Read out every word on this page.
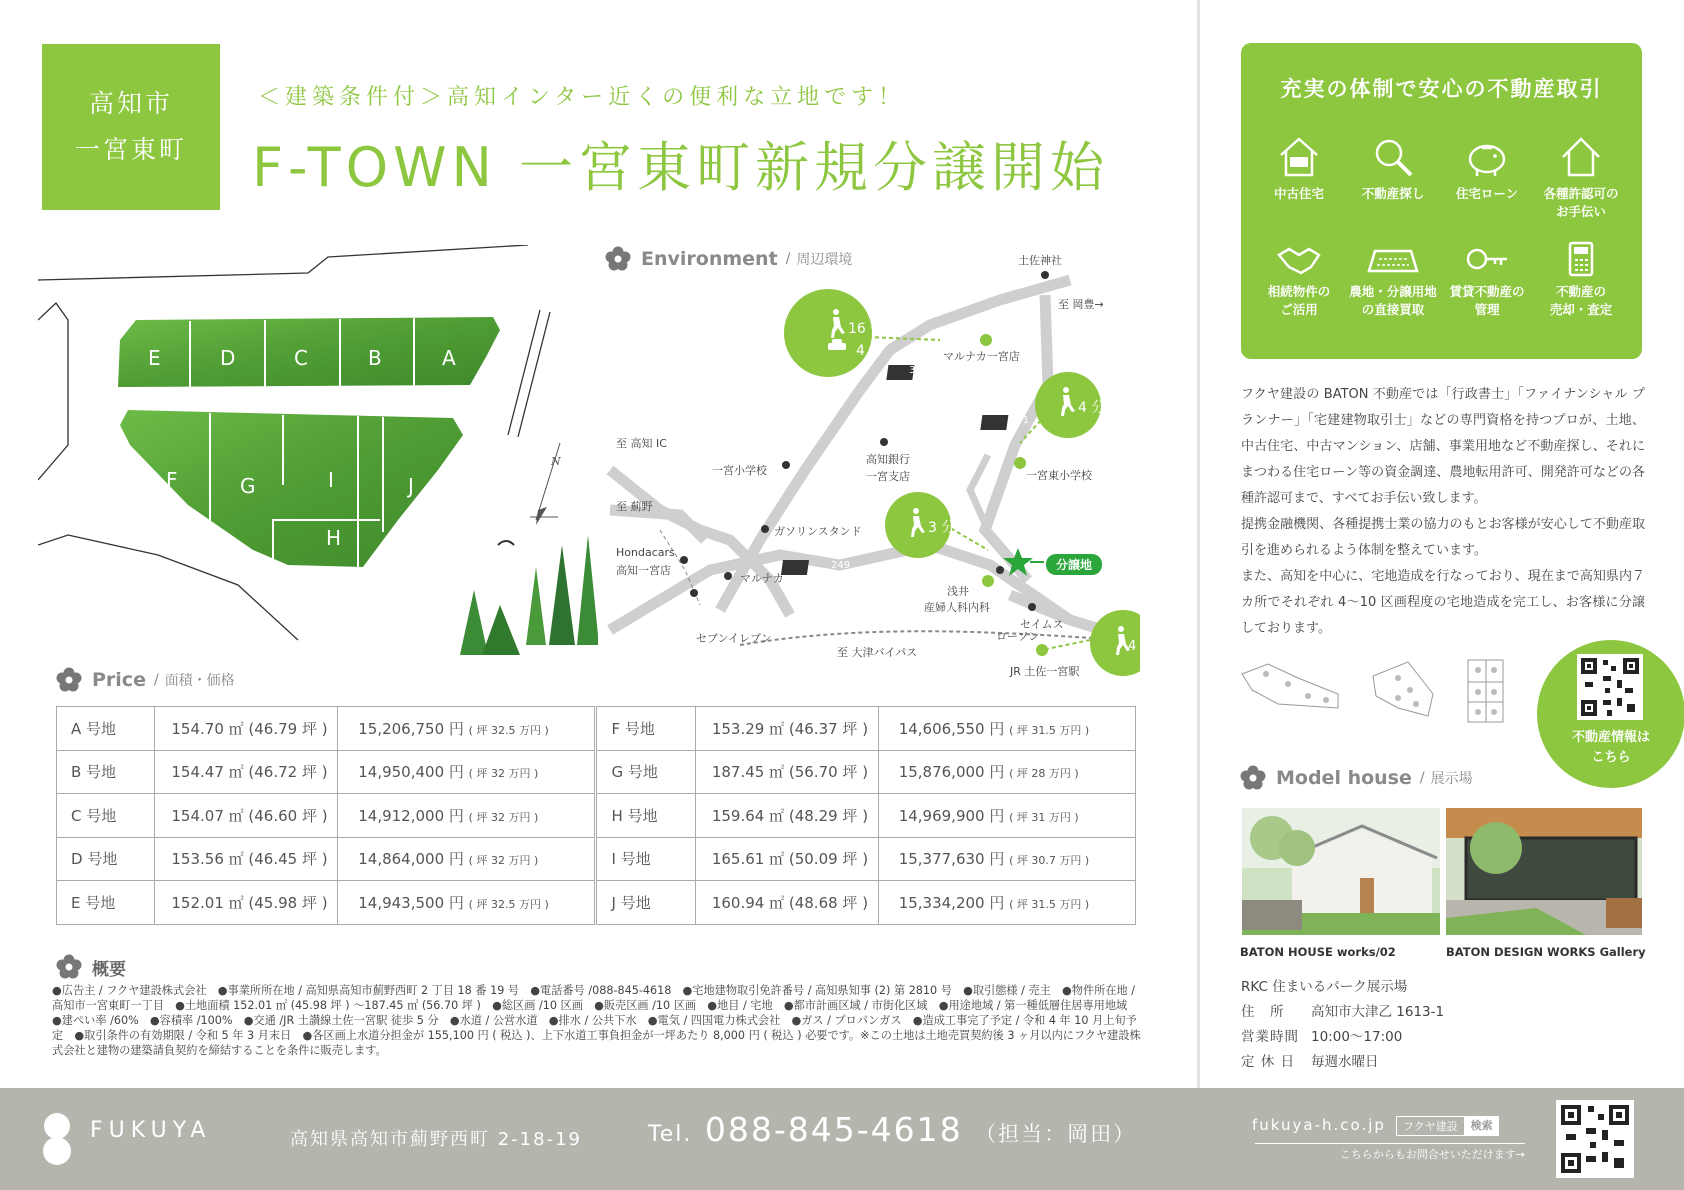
高知市
一宮東町
＜建築条件付＞高知インター近くの便利な立地です！
F-TOWN 一宮東町新規分譲開始
E	D	C	B	A
F	G
H
I	J
N
Environment / 周辺環境
384
251
249
土佐神社
至 岡豊→
マルナカ一宮店
至 高知 IC
一宮小学校
高知銀行
一宮支店	一宮東小学校
至 薊野
ガソリンスタンド
Hondacars
高知一宮店
マルナカ
分譲地
浅井
産婦人科内科
セイムス
ローソン
セブンイレブン
至 大津バイパス
JR 土佐一宮駅
16 分
4 分
4 分
3 分
4 分
Price / 面積・価格
A 号地	154.70 ㎡ (46.79 坪 )	15,206,750 円 ( 坪 32.5 万円 )		F 号地	153.29 ㎡ (46.37 坪 )	14,606,550 円 ( 坪 31.5 万円 )
B 号地	154.47 ㎡ (46.72 坪 )	14,950,400 円 ( 坪 32 万円 )		G 号地	187.45 ㎡ (56.70 坪 )	15,876,000 円 ( 坪 28 万円 )
C 号地	154.07 ㎡ (46.60 坪 )	14,912,000 円 ( 坪 32 万円 )		H 号地	159.64 ㎡ (48.29 坪 )	14,969,900 円 ( 坪 31 万円 )
D 号地	153.56 ㎡ (46.45 坪 )	14,864,000 円 ( 坪 32 万円 )		I 号地	165.61 ㎡ (50.09 坪 )	15,377,630 円 ( 坪 30.7 万円 )
E 号地	152.01 ㎡ (45.98 坪 )	14,943,500 円 ( 坪 32.5 万円 )		J 号地	160.94 ㎡ (48.68 坪 )	15,334,200 円 ( 坪 31.5 万円 )
概要
●広告主 / フクヤ建設株式会社　●事業所所在地 / 高知県高知市薊野西町 2 丁目 18 番 19 号　●電話番号 /088-845-4618　●宅地建物取引免許番号 / 高知県知事 (2) 第 2810 号　●取引態様 / 売主　●物件所在地 / 高知市一宮東町一丁目　●土地面積 152.01 ㎡ (45.98 坪 ) ～187.45 ㎡ (56.70 坪 )　●総区画 /10 区画　●販売区画 /10 区画　●地目 / 宅地　●都市計画区域 / 市街化区域　●用途地域 / 第一種低層住居専用地域　●建ぺい率 /60%　●容積率 /100%　●交通 /JR 土讃線土佐一宮駅 徒歩 5 分　●水道 / 公営水道　●排水 / 公共下水　●電気 / 四国電力株式会社　●ガス / プロパンガス　●造成工事完了予定 / 令和 4 年 10 月上旬予定　●取引条件の有効期限 / 令和 5 年 3 月末日　●各区画上水道分担金が 155,100 円 ( 税込 )、上下水道工事負担金が一坪あたり 8,000 円 ( 税込 ) 必要です。※この土地は土地売買契約後 3 ヶ月以内にフクヤ建設株式会社と建物の建築請負契約を締結することを条件に販売します。
充実の体制で安心の不動産取引
中古住宅	不動産探し	住宅ローン	各種許認可の
お手伝い
相続物件の
ご活用
農地・分譲用地
の直接買取
賃貸不動産の
管理
不動産の
売却・査定

フクヤ建設の BATON 不動産では「行政書士」「ファイナンシャル プランナー」「宅建建物取引士」などの専門資格を持つプロが、土地、中古住宅、中古マンション、店舗、事業用地など不動産探し、それにまつわる住宅ローン等の資金調達、農地転用許可、開発許可などの各種許認可まで、すべてお手伝い致します。

提携金融機関、各種提携士業の協力のもとお客様が安心して不動産取引を進められるよう体制を整えています。

また、高知を中心に、宅地造成を行なっており、現在まで高知県内７カ所でそれぞれ 4～10 区画程度の宅地造成を完工し、お客様に分譲しております。

不動産情報は
こちら
Model house / 展示場
BATON HOUSE works/02	BATON DESIGN WORKS Gallery
RKC 住まいるパーク展示場
住　所 高知市大津乙 1613-1
営業時間 10:00～17:00
定 休 日 毎週水曜日
FUKUYA	高知県高知市薊野西町 2-18-19	Tel. 088-845-4618 （担当：岡田）	fukuya-h.co.jp	フクヤ建設	検索
こちらからもお問合せいただけます→
